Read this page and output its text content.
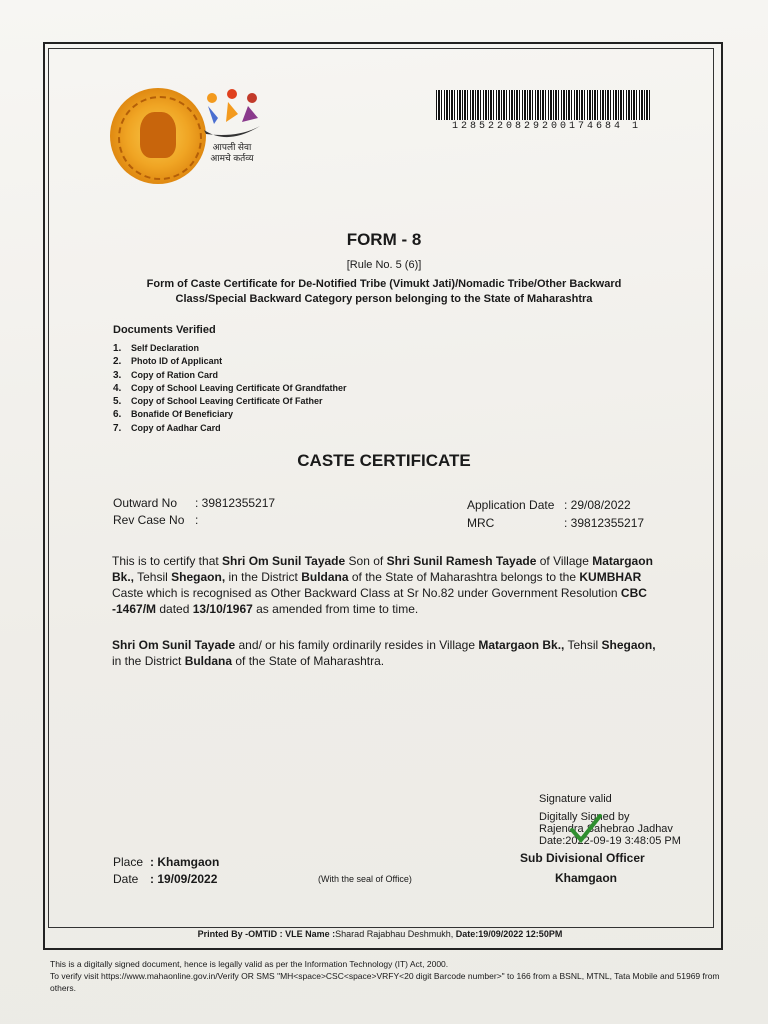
आपली सेवा
आमचे कर्तव्य
1285220829200174684 1
FORM - 8
[Rule No. 5 (6)]
Form of Caste Certificate for De-Notified Tribe (Vimukt Jati)/Nomadic Tribe/Other Backward Class/Special Backward Category person belonging to the State of Maharashtra
Documents Verified
1. Self Declaration
2. Photo ID of Applicant
3. Copy of Ration Card
4. Copy of School Leaving Certificate Of Grandfather
5. Copy of School Leaving Certificate Of Father
6. Bonafide Of Beneficiary
7. Copy of Aadhar Card
CASTE CERTIFICATE
Outward No : 39812355217
Rev Case No :
Application Date : 29/08/2022
MRC	: 39812355217
This is to certify that Shri Om Sunil Tayade Son of Shri Sunil Ramesh Tayade of Village Matargaon Bk., Tehsil Shegaon, in the District Buldana of the State of Maharashtra belongs to the KUMBHAR Caste which is recognised as Other Backward Class at Sr No.82 under Government Resolution CBC -1467/M dated 13/10/1967 as amended from time to time.
Shri Om Sunil Tayade and/ or his family ordinarily resides in Village Matargaon Bk., Tehsil Shegaon, in the District Buldana of the State of Maharashtra.
Signature valid
Digitally Signed by
Rajendra Sahebrao Jadhav
Date:2022-09-19 3:48:05 PM
Sub Divisional Officer
Khamgaon
Place : Khamgaon
Date : 19/09/2022	(With the seal of Office)
Printed By -OMTID : VLE Name :Sharad Rajabhau Deshmukh, Date:19/09/2022 12:50PM
This is a digitally signed document, hence is legally valid as per the Information Technology (IT) Act, 2000.
To verify visit https://www.mahaonline.gov.in/Verify OR SMS "MH<space>CSC<space>VRFY<20 digit Barcode number>" to 166 from a BSNL, MTNL, Tata Mobile and 51969 from others.
